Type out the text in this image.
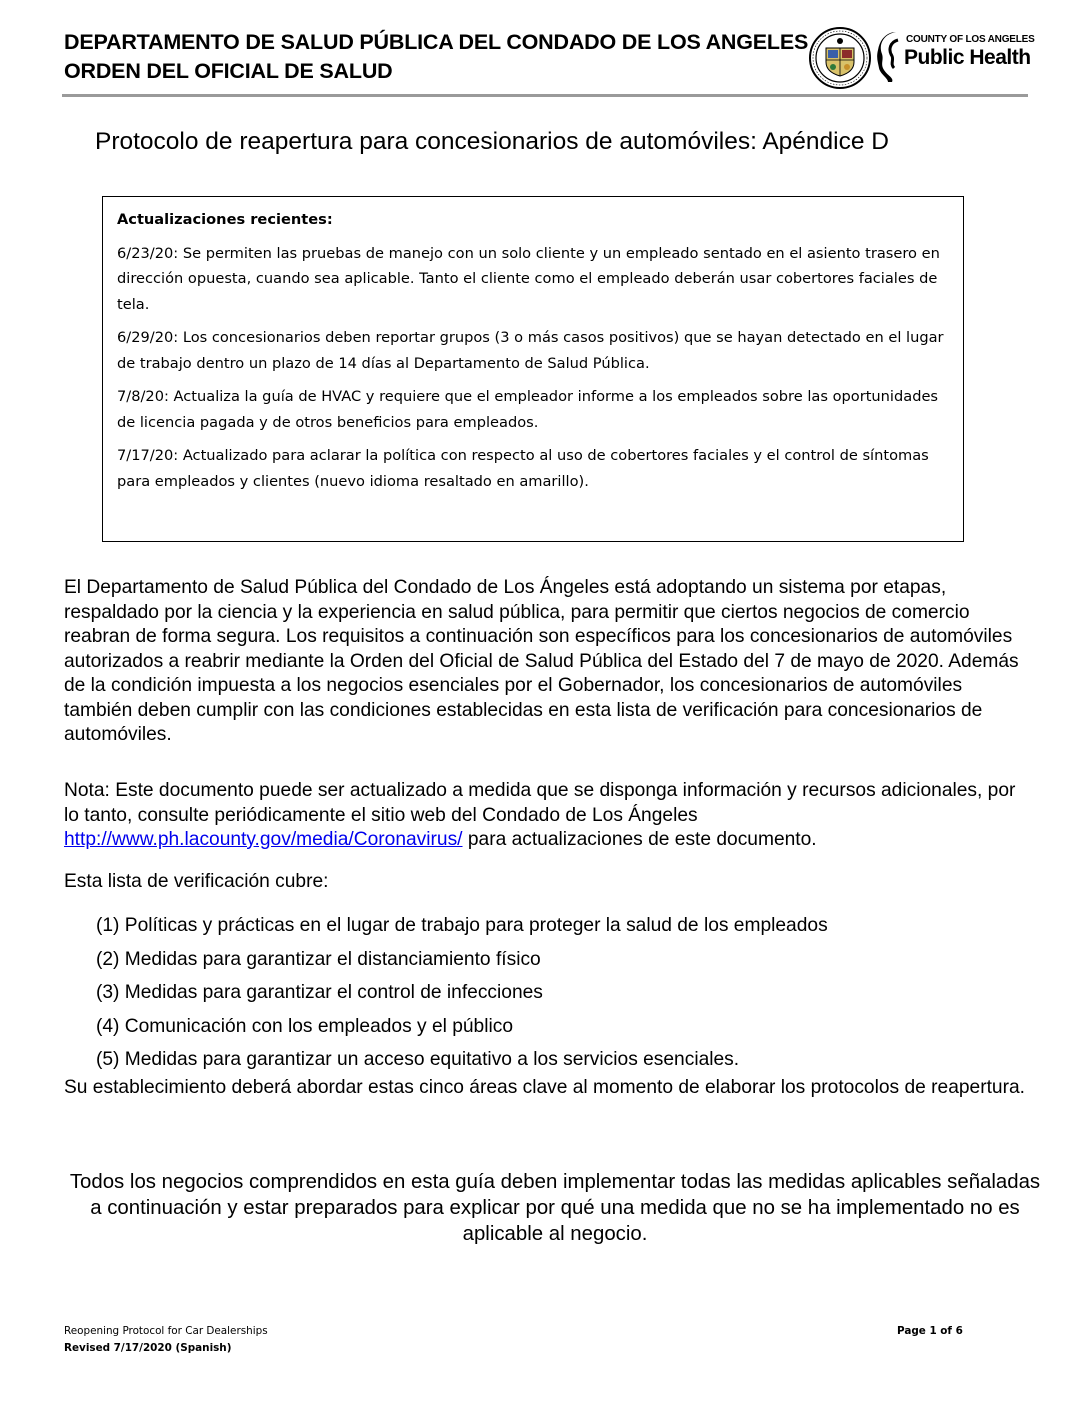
DEPARTAMENTO DE SALUD PÚBLICA DEL CONDADO DE LOS ANGELES
ORDEN DEL OFICIAL DE SALUD
COUNTY OF LOS ANGELES
Public Health
Protocolo de reapertura para concesionarios de automóviles: Apéndice D
Actualizaciones recientes:
6/23/20: Se permiten las pruebas de manejo con un solo cliente y un empleado sentado en el asiento trasero en dirección opuesta, cuando sea aplicable. Tanto el cliente como el empleado deberán usar cobertores faciales de tela.
6/29/20: Los concesionarios deben reportar grupos (3 o más casos positivos) que se hayan detectado en el lugar de trabajo dentro un plazo de 14 días al Departamento de Salud Pública.
7/8/20: Actualiza la guía de HVAC y requiere que el empleador informe a los empleados sobre las oportunidades de licencia pagada y de otros beneficios para empleados.
7/17/20: Actualizado para aclarar la política con respecto al uso de cobertores faciales y el control de síntomas para empleados y clientes (nuevo idioma resaltado en amarillo).
El Departamento de Salud Pública del Condado de Los Ángeles está adoptando un sistema por etapas, respaldado por la ciencia y la experiencia en salud pública, para permitir que ciertos negocios de comercio reabran de forma segura. Los requisitos a continuación son específicos para los concesionarios de automóviles autorizados a reabrir mediante la Orden del Oficial de Salud Pública del Estado del 7 de mayo de 2020. Además de la condición impuesta a los negocios esenciales por el Gobernador, los concesionarios de automóviles también deben cumplir con las condiciones establecidas en esta lista de verificación para concesionarios de automóviles.
Nota: Este documento puede ser actualizado a medida que se disponga información y recursos adicionales, por lo tanto, consulte periódicamente el sitio web del Condado de Los Ángeles http://www.ph.lacounty.gov/media/Coronavirus/ para actualizaciones de este documento.
Esta lista de verificación cubre:
(1) Políticas y prácticas en el lugar de trabajo para proteger la salud de los empleados
(2) Medidas para garantizar el distanciamiento físico
(3) Medidas para garantizar el control de infecciones
(4) Comunicación con los empleados y el público
(5) Medidas para garantizar un acceso equitativo a los servicios esenciales.
Su establecimiento deberá abordar estas cinco áreas clave al momento de elaborar los protocolos de reapertura.
Todos los negocios comprendidos en esta guía deben implementar todas las medidas aplicables señaladas a continuación y estar preparados para explicar por qué una medida que no se ha implementado no es aplicable al negocio.
Reopening Protocol for Car Dealerships
Revised 7/17/2020 (Spanish)
Page 1 of 6
